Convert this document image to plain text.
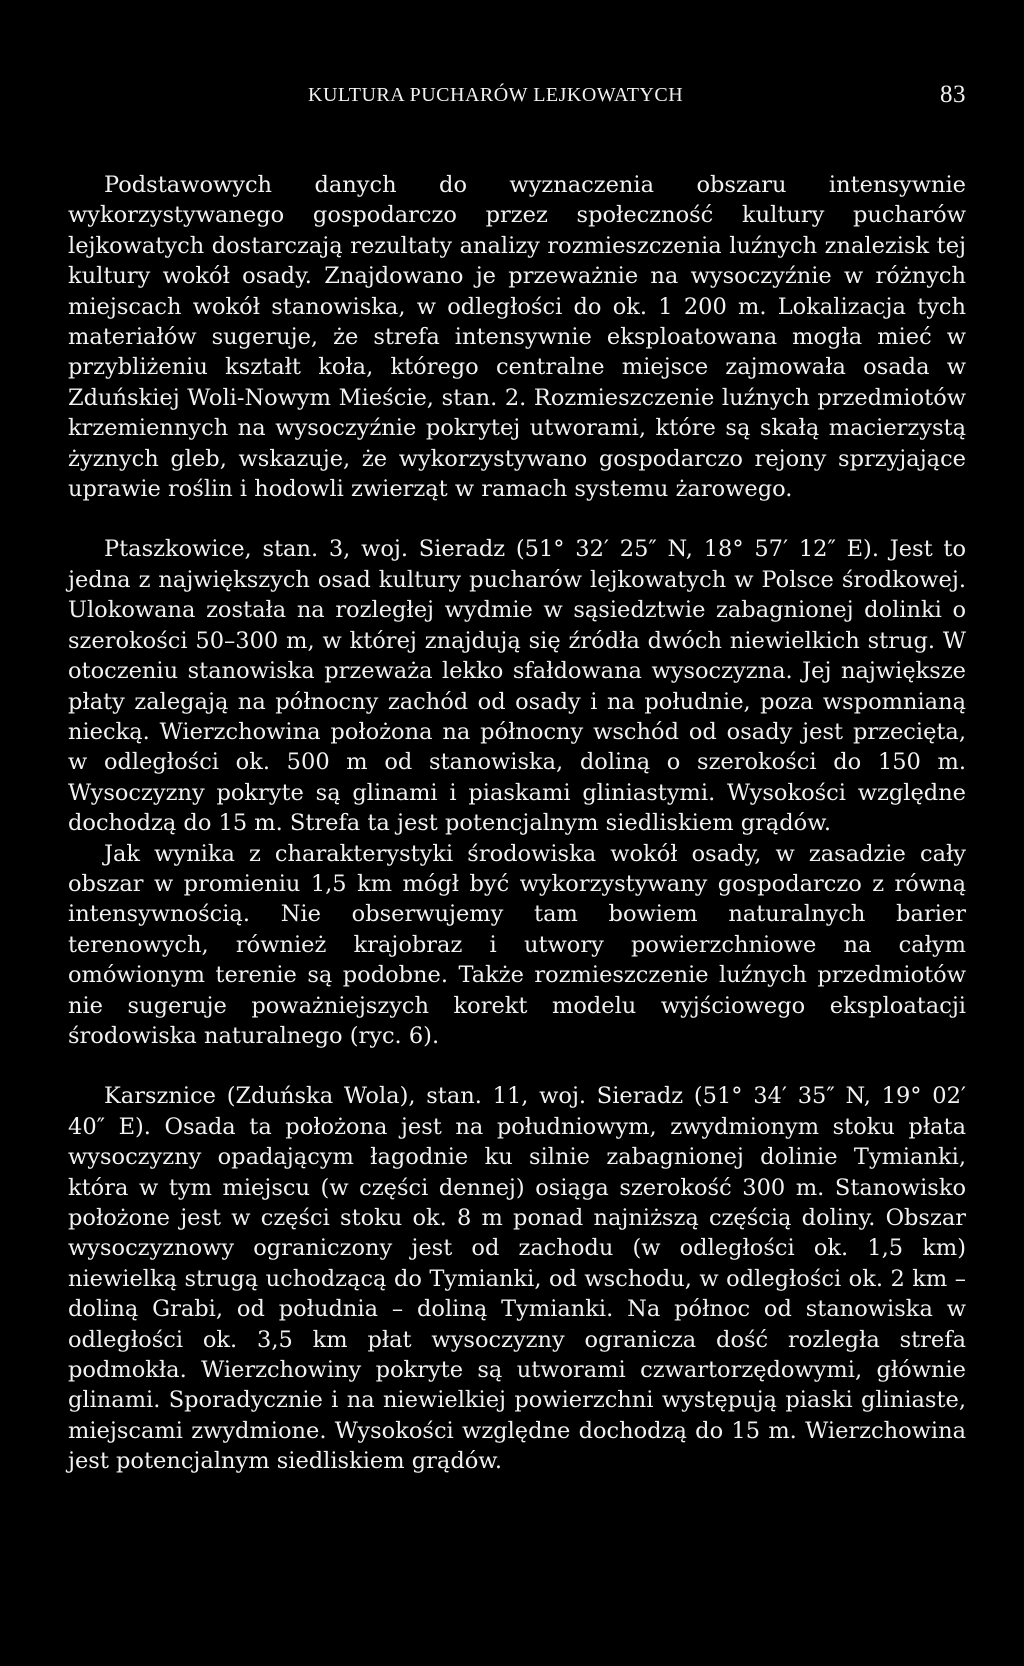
KULTURA PUCHARÓW LEJKOWATYCH	83

Podstawowych danych do wyznaczenia obszaru intensywnie wykorzystywanego gospodarczo przez społeczność kultury pucharów lejkowatych dostarczają rezultaty analizy rozmieszczenia luźnych znalezisk tej kultury wokół osady. Znajdowano je przeważnie na wysoczyźnie w różnych miejscach wokół stanowiska, w odległości do ok. 1 200 m. Lokalizacja tych materiałów sugeruje, że strefa intensywnie eksploatowana mogła mieć w przybliżeniu kształt koła, którego centralne miejsce zajmowała osada w Zduńskiej Woli-Nowym Mieście, stan. 2. Rozmieszczenie luźnych przedmiotów krzemiennych na wysoczyźnie pokrytej utworami, które są skałą macierzystą żyznych gleb, wskazuje, że wykorzystywano gospodarczo rejony sprzyjające uprawie roślin i hodowli zwierząt w ramach systemu żarowego.

Ptaszkowice, stan. 3, woj. Sieradz (51° 32′ 25″ N, 18° 57′ 12″ E). Jest to jedna z największych osad kultury pucharów lejkowatych w Polsce środkowej. Ulokowana została na rozległej wydmie w sąsiedztwie zabagnionej dolinki o szerokości 50–300 m, w której znajdują się źródła dwóch niewielkich strug. W otoczeniu stanowiska przeważa lekko sfałdowana wysoczyzna. Jej największe płaty zalegają na północny zachód od osady i na południe, poza wspomnianą niecką. Wierzchowina położona na północny wschód od osady jest przecięta, w odległości ok. 500 m od stanowiska, doliną o szerokości do 150 m. Wysoczyzny pokryte są glinami i piaskami gliniastymi. Wysokości względne dochodzą do 15 m. Strefa ta jest potencjalnym siedliskiem grądów.

Jak wynika z charakterystyki środowiska wokół osady, w zasadzie cały obszar w promieniu 1,5 km mógł być wykorzystywany gospodarczo z równą intensywnością. Nie obserwujemy tam bowiem naturalnych barier terenowych, również krajobraz i utwory powierzchniowe na całym omówionym terenie są podobne. Także rozmieszczenie luźnych przedmiotów nie sugeruje poważniejszych korekt modelu wyjściowego eksploatacji środowiska naturalnego (ryc. 6).

Karsznice (Zduńska Wola), stan. 11, woj. Sieradz (51° 34′ 35″ N, 19° 02′ 40″ E). Osada ta położona jest na południowym, zwydmionym stoku płata wysoczyzny opadającym łagodnie ku silnie zabagnionej dolinie Tymianki, która w tym miejscu (w części dennej) osiąga szerokość 300 m. Stanowisko położone jest w części stoku ok. 8 m ponad najniższą częścią doliny. Obszar wysoczyznowy ograniczony jest od zachodu (w odległości ok. 1,5 km) niewielką strugą uchodzącą do Tymianki, od wschodu, w odległości ok. 2 km – doliną Grabi, od południa – doliną Tymianki. Na północ od stanowiska w odległości ok. 3,5 km płat wysoczyzny ogranicza dość rozległa strefa podmokła. Wierzchowiny pokryte są utworami czwartorzędowymi, głównie glinami. Sporadycznie i na niewielkiej powierzchni występują piaski gliniaste, miejscami zwydmione. Wysokości względne dochodzą do 15 m. Wierzchowina jest potencjalnym siedliskiem grądów.
